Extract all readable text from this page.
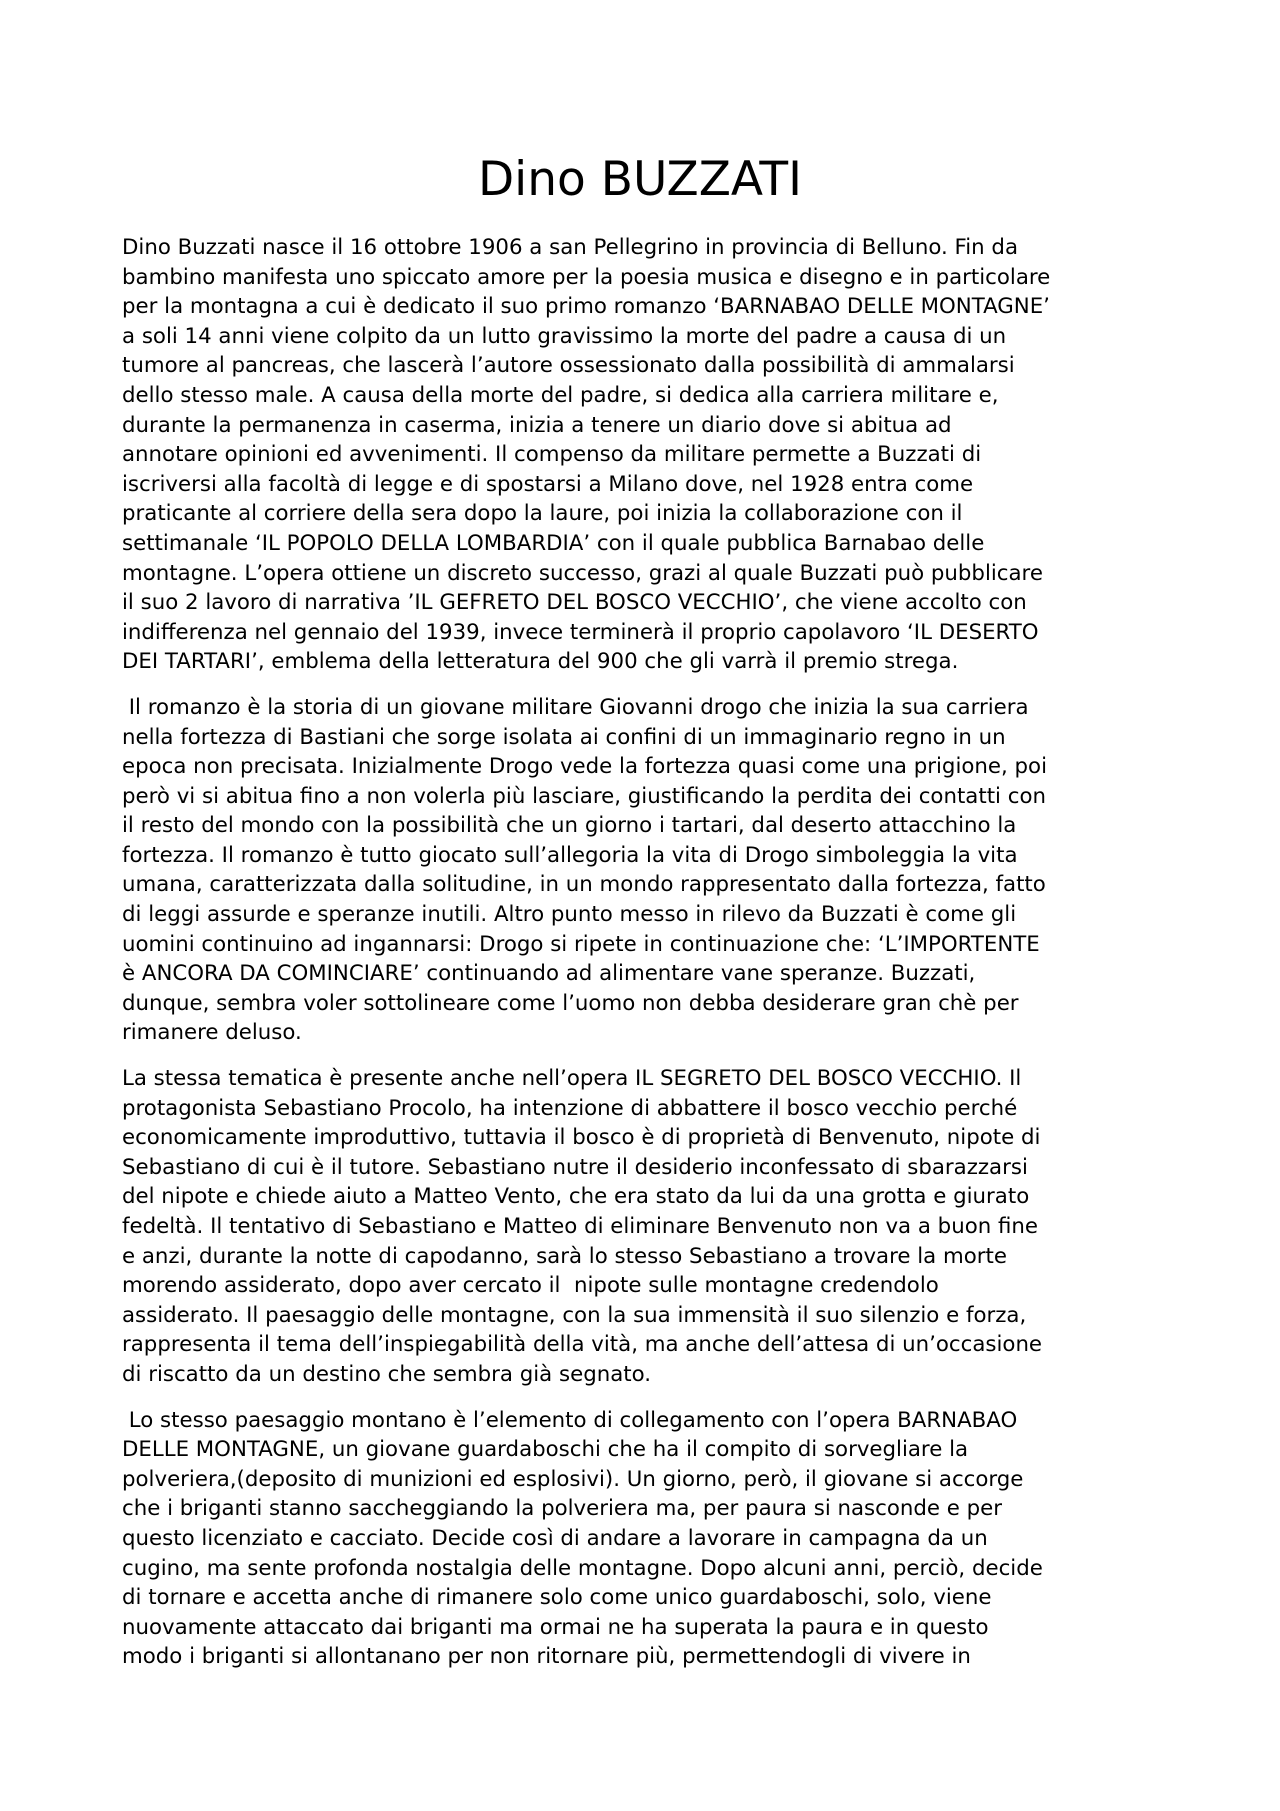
Dino BUZZATI
Dino Buzzati nasce il 16 ottobre 1906 a san Pellegrino in provincia di Belluno. Fin da
bambino manifesta uno spiccato amore per la poesia musica e disegno e in particolare
per la montagna a cui è dedicato il suo primo romanzo ‘BARNABAO DELLE MONTAGNE’
a soli 14 anni viene colpito da un lutto gravissimo la morte del padre a causa di un
tumore al pancreas, che lascerà l’autore ossessionato dalla possibilità di ammalarsi
dello stesso male. A causa della morte del padre, si dedica alla carriera militare e,
durante la permanenza in caserma, inizia a tenere un diario dove si abitua ad
annotare opinioni ed avvenimenti. Il compenso da militare permette a Buzzati di
iscriversi alla facoltà di legge e di spostarsi a Milano dove, nel 1928 entra come
praticante al corriere della sera dopo la laure, poi inizia la collaborazione con il
settimanale ‘IL POPOLO DELLA LOMBARDIA’ con il quale pubblica Barnabao delle
montagne. L’opera ottiene un discreto successo, grazi al quale Buzzati può pubblicare
il suo 2 lavoro di narrativa ’IL GEFRETO DEL BOSCO VECCHIO’, che viene accolto con
indifferenza nel gennaio del 1939, invece terminerà il proprio capolavoro ‘IL DESERTO
DEI TARTARI’, emblema della letteratura del 900 che gli varrà il premio strega.
Il romanzo è la storia di un giovane militare Giovanni drogo che inizia la sua carriera
nella fortezza di Bastiani che sorge isolata ai confini di un immaginario regno in un
epoca non precisata. Inizialmente Drogo vede la fortezza quasi come una prigione, poi
però vi si abitua fino a non volerla più lasciare, giustificando la perdita dei contatti con
il resto del mondo con la possibilità che un giorno i tartari, dal deserto attacchino la
fortezza. Il romanzo è tutto giocato sull’allegoria la vita di Drogo simboleggia la vita
umana, caratterizzata dalla solitudine, in un mondo rappresentato dalla fortezza, fatto
di leggi assurde e speranze inutili. Altro punto messo in rilevo da Buzzati è come gli
uomini continuino ad ingannarsi: Drogo si ripete in continuazione che: ‘L’IMPORTENTE
è ANCORA DA COMINCIARE’ continuando ad alimentare vane speranze. Buzzati,
dunque, sembra voler sottolineare come l’uomo non debba desiderare gran chè per
rimanere deluso.
La stessa tematica è presente anche nell’opera IL SEGRETO DEL BOSCO VECCHIO. Il
protagonista Sebastiano Procolo, ha intenzione di abbattere il bosco vecchio perché
economicamente improduttivo, tuttavia il bosco è di proprietà di Benvenuto, nipote di
Sebastiano di cui è il tutore. Sebastiano nutre il desiderio inconfessato di sbarazzarsi
del nipote e chiede aiuto a Matteo Vento, che era stato da lui da una grotta e giurato
fedeltà. Il tentativo di Sebastiano e Matteo di eliminare Benvenuto non va a buon fine
e anzi, durante la notte di capodanno, sarà lo stesso Sebastiano a trovare la morte
morendo assiderato, dopo aver cercato il  nipote sulle montagne credendolo
assiderato. Il paesaggio delle montagne, con la sua immensità il suo silenzio e forza,
rappresenta il tema dell’inspiegabilità della vità, ma anche dell’attesa di un’occasione
di riscatto da un destino che sembra già segnato.
Lo stesso paesaggio montano è l’elemento di collegamento con l’opera BARNABAO
DELLE MONTAGNE, un giovane guardaboschi che ha il compito di sorvegliare la
polveriera,(deposito di munizioni ed esplosivi). Un giorno, però, il giovane si accorge
che i briganti stanno saccheggiando la polveriera ma, per paura si nasconde e per
questo licenziato e cacciato. Decide così di andare a lavorare in campagna da un
cugino, ma sente profonda nostalgia delle montagne. Dopo alcuni anni, perciò, decide
di tornare e accetta anche di rimanere solo come unico guardaboschi, solo, viene
nuovamente attaccato dai briganti ma ormai ne ha superata la paura e in questo
modo i briganti si allontanano per non ritornare più, permettendogli di vivere in
